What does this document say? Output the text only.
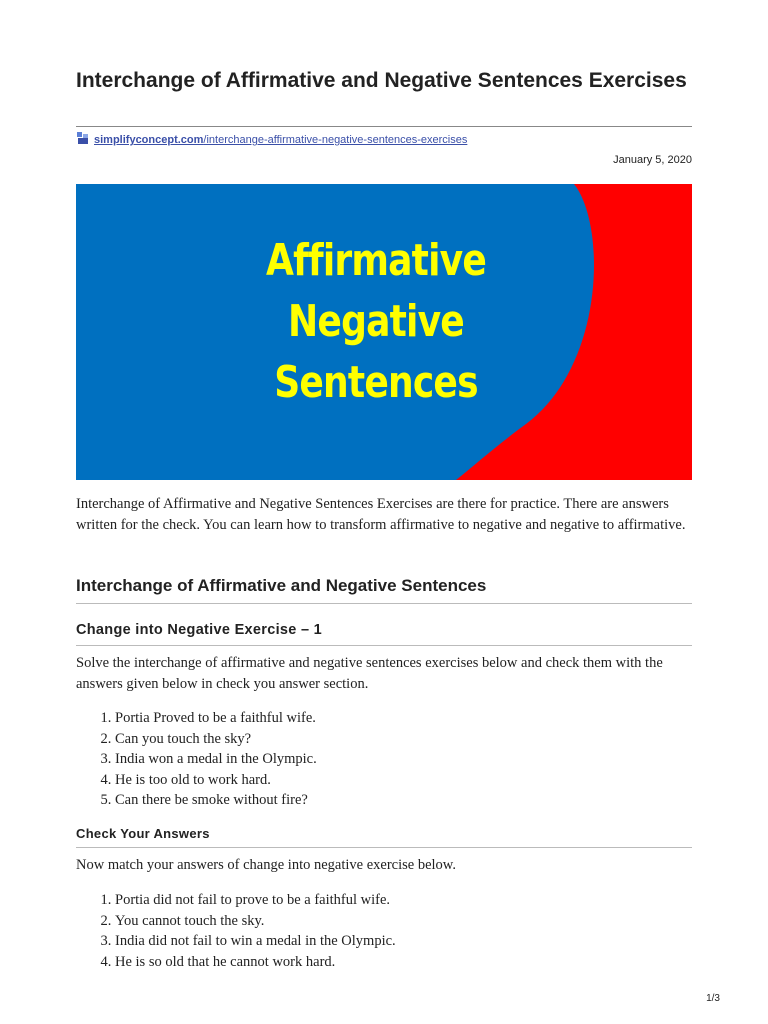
Interchange of Affirmative and Negative Sentences Exercises
simplifyconcept.com/interchange-affirmative-negative-sentences-exercises
January 5, 2020
Affirmative
Negative
Sentences
Interchange of Affirmative and Negative Sentences Exercises are there for practice. There are answers written for the check. You can learn how to transform affirmative to negative and negative to affirmative.
Interchange of Affirmative and Negative Sentences
Change into Negative Exercise – 1
Solve the interchange of affirmative and negative sentences exercises below and check them with the answers given below in check you answer section.
1. Portia Proved to be a faithful wife.
2. Can you touch the sky?
3. India won a medal in the Olympic.
4. He is too old to work hard.
5. Can there be smoke without fire?
Check Your Answers
Now match your answers of change into negative exercise below.
1. Portia did not fail to prove to be a faithful wife.
2. You cannot touch the sky.
3. India did not fail to win a medal in the Olympic.
4. He is so old that he cannot work hard.
1/3
